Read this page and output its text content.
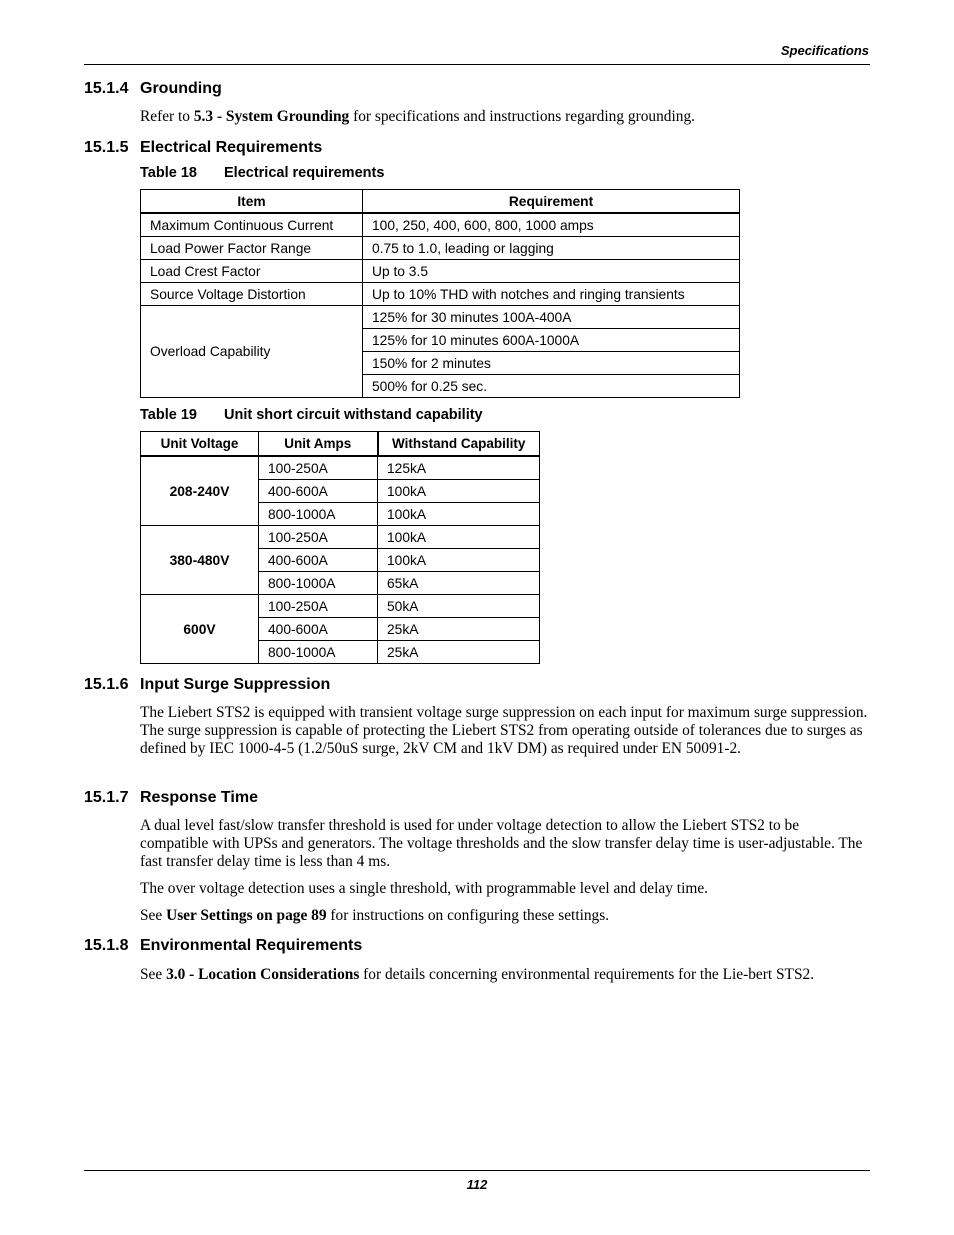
Specifications
15.1.4 Grounding
Refer to 5.3 - System Grounding for specifications and instructions regarding grounding.
15.1.5 Electrical Requirements
Table 18 Electrical requirements
Item	Requirement
Maximum Continuous Current	100, 250, 400, 600, 800, 1000 amps
Load Power Factor Range	0.75 to 1.0, leading or lagging
Load Crest Factor	Up to 3.5
Source Voltage Distortion	Up to 10% THD with notches and ringing transients
Overload Capability	125% for 30 minutes 100A-400A
	125% for 10 minutes 600A-1000A
	150% for 2 minutes
	500% for 0.25 sec.
Table 19 Unit short circuit withstand capability
Unit Voltage	Unit Amps	Withstand Capability
208-240V	100-250A	125kA
	400-600A	100kA
	800-1000A	100kA
380-480V	100-250A	100kA
	400-600A	100kA
	800-1000A	65kA
600V	100-250A	50kA
	400-600A	25kA
	800-1000A	25kA
15.1.6 Input Surge Suppression
The Liebert STS2 is equipped with transient voltage surge suppression on each input for maximum surge suppression. The surge suppression is capable of protecting the Liebert STS2 from operating outside of tolerances due to surges as defined by IEC 1000-4-5 (1.2/50uS surge, 2kV CM and 1kV DM) as required under EN 50091-2.
15.1.7 Response Time
A dual level fast/slow transfer threshold is used for under voltage detection to allow the Liebert STS2 to be compatible with UPSs and generators. The voltage thresholds and the slow transfer delay time is user-adjustable. The fast transfer delay time is less than 4 ms.
The over voltage detection uses a single threshold, with programmable level and delay time.
See User Settings on page 89 for instructions on configuring these settings.
15.1.8 Environmental Requirements
See 3.0 - Location Considerations for details concerning environmental requirements for the Lie-bert STS2.
112
